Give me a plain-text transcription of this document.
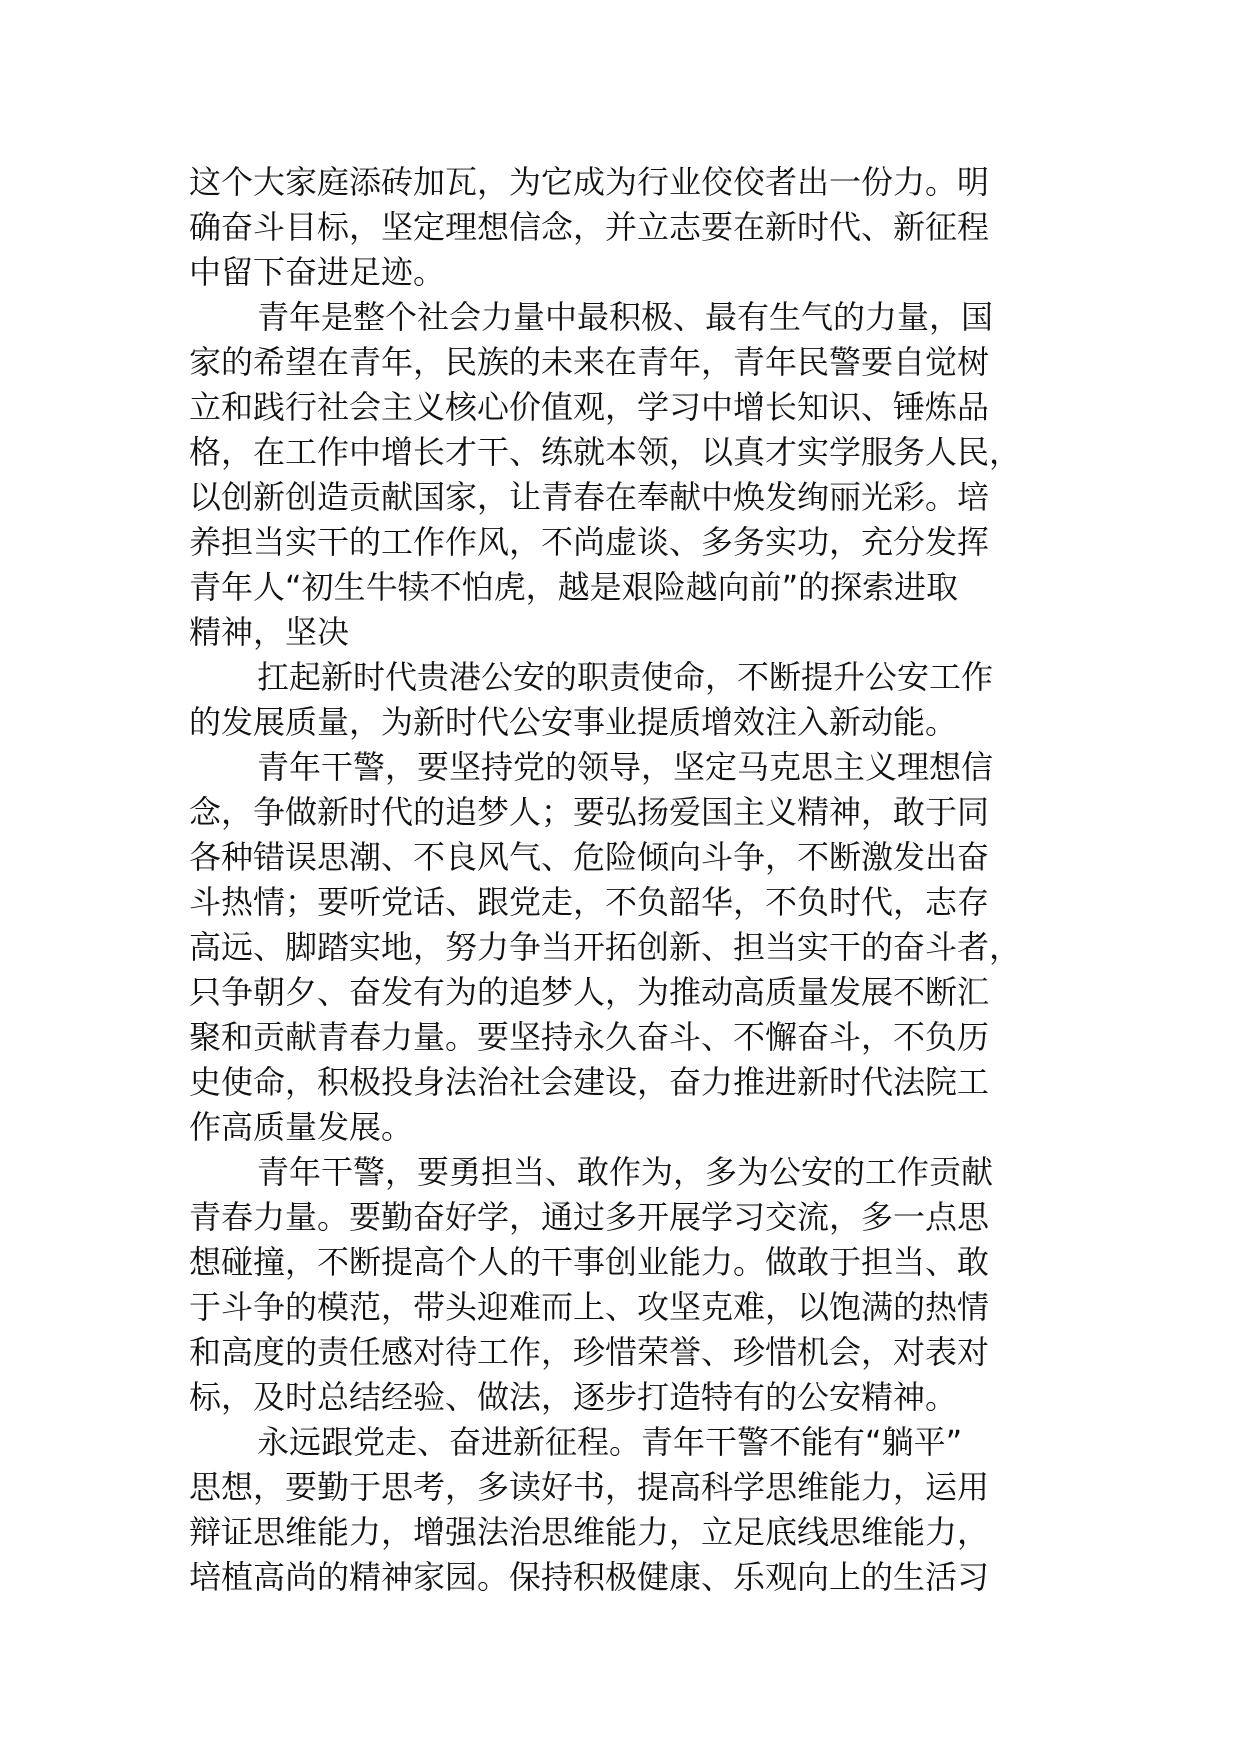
这个大家庭添砖加瓦，为它成为行业佼佼者出一份力。明
确奋斗目标，坚定理想信念，并立志要在新时代、新征程
中留下奋进足迹。
青年是整个社会力量中最积极、最有生气的力量，国
家的希望在青年，民族的未来在青年，青年民警要自觉树
立和践行社会主义核心价值观，学习中增长知识、锤炼品
格，在工作中增长才干、练就本领，以真才实学服务人民，
以创新创造贡献国家，让青春在奉献中焕发绚丽光彩。培
养担当实干的工作作风，不尚虚谈、多务实功，充分发挥
青年人“初生牛犊不怕虎，越是艰险越向前”的探索进取
精神，坚决
扛起新时代贵港公安的职责使命，不断提升公安工作
的发展质量，为新时代公安事业提质增效注入新动能。
青年干警，要坚持党的领导，坚定马克思主义理想信
念，争做新时代的追梦人；要弘扬爱国主义精神，敢于同
各种错误思潮、不良风气、危险倾向斗争，不断激发出奋
斗热情；要听党话、跟党走，不负韶华，不负时代，志存
高远、脚踏实地，努力争当开拓创新、担当实干的奋斗者，
只争朝夕、奋发有为的追梦人，为推动高质量发展不断汇
聚和贡献青春力量。要坚持永久奋斗、不懈奋斗，不负历
史使命，积极投身法治社会建设，奋力推进新时代法院工
作高质量发展。
青年干警，要勇担当、敢作为，多为公安的工作贡献
青春力量。要勤奋好学，通过多开展学习交流，多一点思
想碰撞，不断提高个人的干事创业能力。做敢于担当、敢
于斗争的模范，带头迎难而上、攻坚克难，以饱满的热情
和高度的责任感对待工作，珍惜荣誉、珍惜机会，对表对
标，及时总结经验、做法，逐步打造特有的公安精神。
永远跟党走、奋进新征程。青年干警不能有“躺平”
思想，要勤于思考，多读好书，提高科学思维能力，运用
辩证思维能力，增强法治思维能力，立足底线思维能力，
培植高尚的精神家园。保持积极健康、乐观向上的生活习
